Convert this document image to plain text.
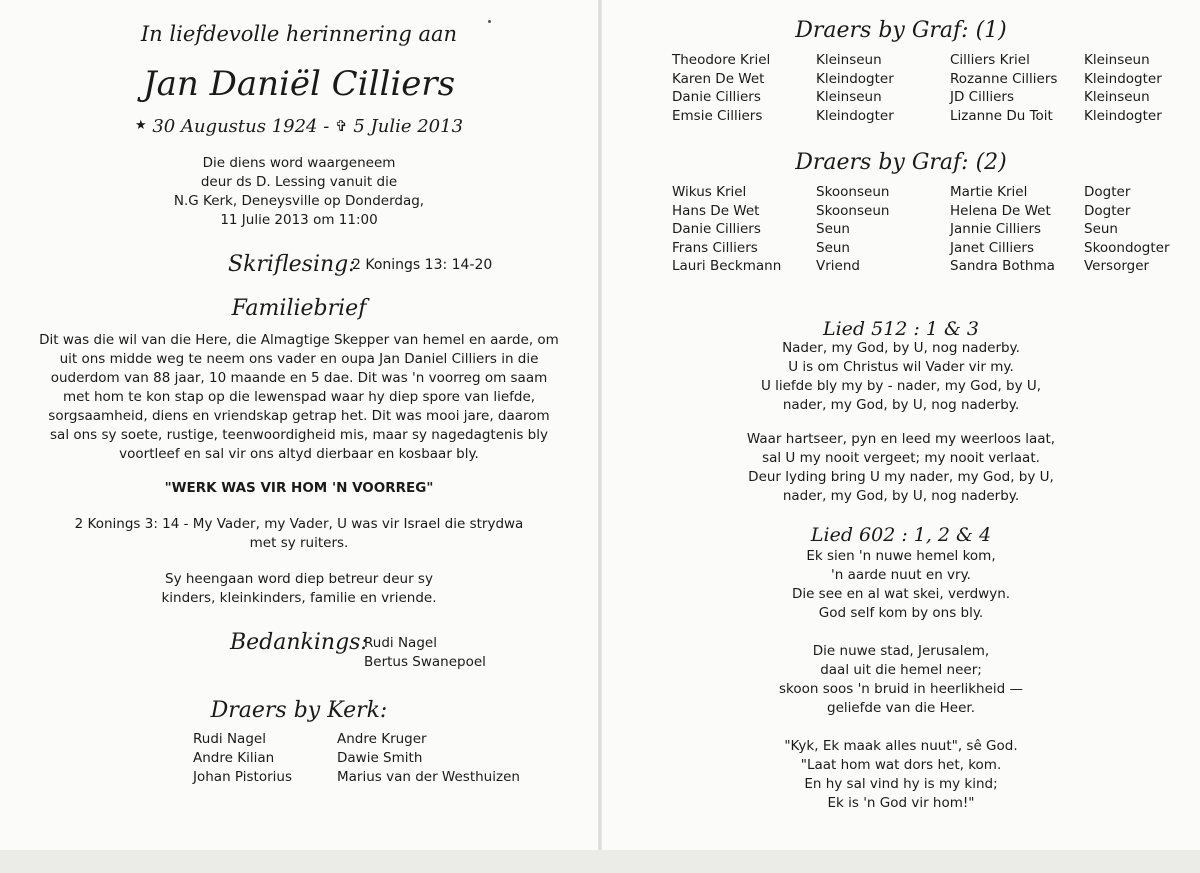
In liefdevolle herinnering aan
Jan Daniël Cilliers
★ 30 Augustus 1924 - ✞ 5 Julie 2013
Die diens word waargeneem
deur ds D. Lessing vanuit die
N.G Kerk, Deneysville op Donderdag,
11 Julie 2013 om 11:00
Skriflesing:
2 Konings 13: 14-20
Familiebrief
Dit was die wil van die Here, die Almagtige Skepper van hemel en aarde, om
uit ons midde weg te neem ons vader en oupa Jan Daniel Cilliers in die
ouderdom van 88 jaar, 10 maande en 5 dae. Dit was 'n voorreg om saam
met hom te kon stap op die lewenspad waar hy diep spore van liefde,
sorgsaamheid, diens en vriendskap getrap het. Dit was mooi jare, daarom
sal ons sy soete, rustige, teenwoordigheid mis, maar sy nagedagtenis bly
voortleef en sal vir ons altyd dierbaar en kosbaar bly.
"WERK WAS VIR HOM 'N VOORREG"
2 Konings 3: 14 - My Vader, my Vader, U was vir Israel die strydwa
met sy ruiters.
Sy heengaan word diep betreur deur sy
kinders, kleinkinders, familie en vriende.
Bedankings:
Rudi Nagel
Bertus Swanepoel
Draers by Kerk:
Rudi Nagel
Andre Kilian
Johan Pistorius
Andre Kruger
Dawie Smith
Marius van der Westhuizen
Draers by Graf: (1)
Theodore Kriel
Karen De Wet
Danie Cilliers
Emsie Cilliers
Kleinseun
Kleindogter
Kleinseun
Kleindogter
Cilliers Kriel
Rozanne Cilliers
JD Cilliers
Lizanne Du Toit
Kleinseun
Kleindogter
Kleinseun
Kleindogter
Draers by Graf: (2)
Wikus Kriel
Hans De Wet
Danie Cilliers
Frans Cilliers
Lauri Beckmann
Skoonseun
Skoonseun
Seun
Seun
Vriend
Martie Kriel
Helena De Wet
Jannie Cilliers
Janet Cilliers
Sandra Bothma
Dogter
Dogter
Seun
Skoondogter
Versorger
Lied 512 : 1 & 3
Nader, my God, by U, nog naderby.
U is om Christus wil Vader vir my.
U liefde bly my by - nader, my God, by U,
nader, my God, by U, nog naderby.
Waar hartseer, pyn en leed my weerloos laat,
sal U my nooit vergeet; my nooit verlaat.
Deur lyding bring U my nader, my God, by U,
nader, my God, by U, nog naderby.
Lied 602 : 1, 2 & 4
Ek sien 'n nuwe hemel kom,
'n aarde nuut en vry.
Die see en al wat skei, verdwyn.
God self kom by ons bly.
Die nuwe stad, Jerusalem,
daal uit die hemel neer;
skoon soos 'n bruid in heerlikheid —
geliefde van die Heer.
"Kyk, Ek maak alles nuut", sê God.
"Laat hom wat dors het, kom.
En hy sal vind hy is my kind;
Ek is 'n God vir hom!"
